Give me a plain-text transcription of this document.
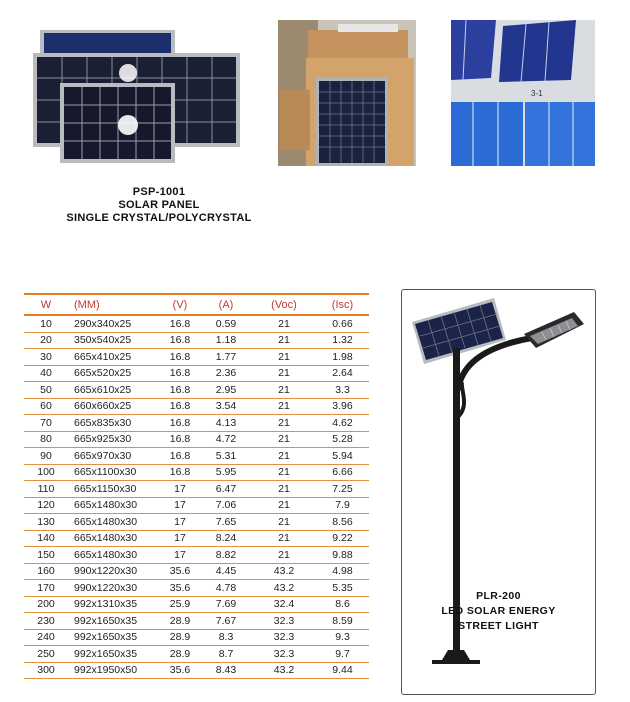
3-1
PSP-1001
SOLAR PANEL
SINGLE CRYSTAL/POLYCRYSTAL
W	(MM)	(V)	(A)	(Voc)	(Isc)
10	290x340x25	16.8	0.59	21	0.66
20	350x540x25	16.8	1.18	21	1.32
30	665x410x25	16.8	1.77	21	1.98
40	665x520x25	16.8	2.36	21	2.64
50	665x610x25	16.8	2.95	21	3.3
60	660x660x25	16.8	3.54	21	3.96
70	665x835x30	16.8	4.13	21	4.62
80	665x925x30	16.8	4.72	21	5.28
90	665x970x30	16.8	5.31	21	5.94
100	665x1100x30	16.8	5.95	21	6.66
110	665x1150x30	17	6.47	21	7.25
120	665x1480x30	17	7.06	21	7.9
130	665x1480x30	17	7.65	21	8.56
140	665x1480x30	17	8.24	21	9.22
150	665x1480x30	17	8.82	21	9.88
160	990x1220x30	35.6	4.45	43.2	4.98
170	990x1220x30	35.6	4.78	43.2	5.35
200	992x1310x35	25.9	7.69	32.4	8.6
230	992x1650x35	28.9	7.67	32.3	8.59
240	992x1650x35	28.9	8.3	32.3	9.3
250	992x1650x35	28.9	8.7	32.3	9.7
300	992x1950x50	35.6	8.43	43.2	9.44
PLR-200
LED SOLAR ENERGY
STREET LIGHT
